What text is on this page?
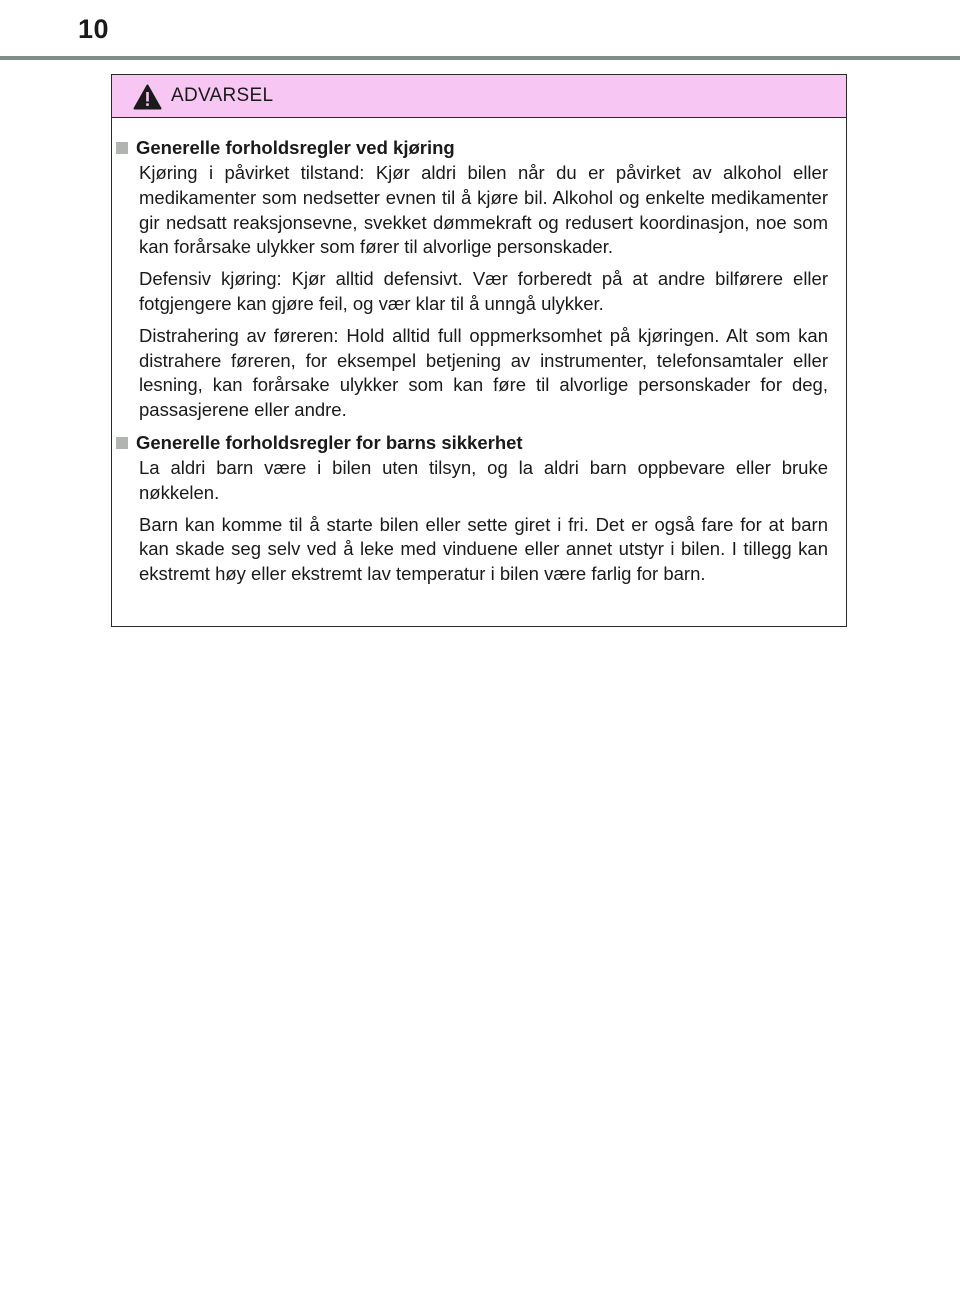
10
ADVARSEL
Generelle forholdsregler ved kjøring

Kjøring i påvirket tilstand: Kjør aldri bilen når du er påvirket av alkohol eller medikamenter som nedsetter evnen til å kjøre bil. Alkohol og enkelte medikamenter gir nedsatt reaksjonsevne, svekket dømmekraft og redusert koordinasjon, noe som kan forårsake ulykker som fører til alvorlige personskader.

Defensiv kjøring: Kjør alltid defensivt. Vær forberedt på at andre bilførere eller fotgjengere kan gjøre feil, og vær klar til å unngå ulykker.

Distrahering av føreren: Hold alltid full oppmerksomhet på kjøringen. Alt som kan distrahere føreren, for eksempel betjening av instrumenter, telefonsamtaler eller lesning, kan forårsake ulykker som kan føre til alvorlige personskader for deg, passasjerene eller andre.

Generelle forholdsregler for barns sikkerhet

La aldri barn være i bilen uten tilsyn, og la aldri barn oppbevare eller bruke nøkkelen.

Barn kan komme til å starte bilen eller sette giret i fri. Det er også fare for at barn kan skade seg selv ved å leke med vinduene eller annet utstyr i bilen. I tillegg kan ekstremt høy eller ekstremt lav temperatur i bilen være farlig for barn.
